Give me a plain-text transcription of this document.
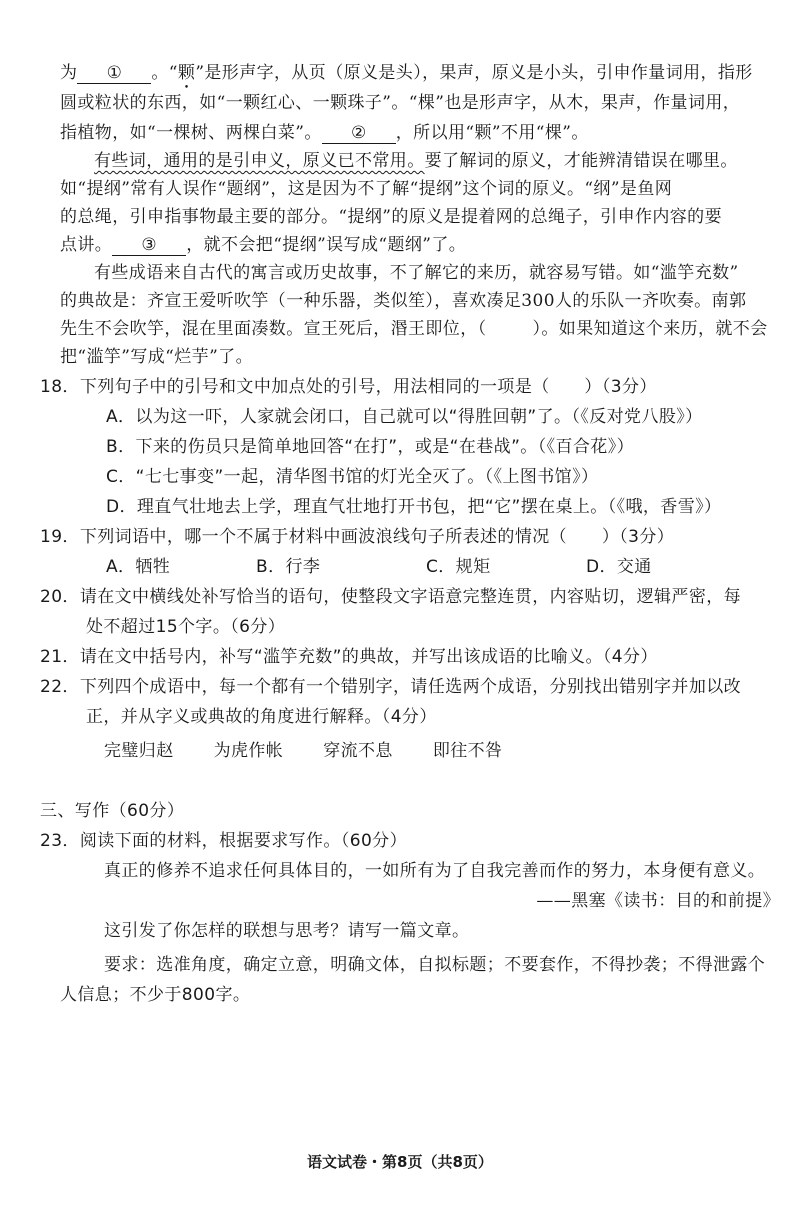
为 ① 。“颗”是形声字，从页（原义是头），果声，原义是小头，引申作量词用，指形
圆或粒状的东西，如“一颗红心、一颗珠子”。“棵”也是形声字，从木，果声，作量词用，
指植物，如“一棵树、两棵白菜”。 ② ，所以用“颗”不用“棵”。
有些词，通用的是引申义，原义已不常用。要了解词的原义，才能辨清错误在哪里。
如“提纲”常有人误作“题纲”，这是因为不了解“提纲”这个词的原义。“纲”是鱼网
的总绳，引申指事物最主要的部分。“提纲”的原义是提着网的总绳子，引申作内容的要
点讲。 ③ ，就不会把“提纲”误写成“题纲”了。
有些成语来自古代的寓言或历史故事，不了解它的来历，就容易写错。如“滥竽充数”
的典故是：齐宣王爱听吹竽（一种乐器，类似笙），喜欢凑足300人的乐队一齐吹奏。南郭
先生不会吹竽，混在里面凑数。宣王死后，湣王即位，（	）。如果知道这个来历，就不会
把“滥竽”写成“烂芋”了。
18．下列句子中的引号和文中加点处的引号，用法相同的一项是（　　）（3分）
A．以为这一吓，人家就会闭口，自己就可以“得胜回朝”了。（《反对党八股》）
B．下来的伤员只是简单地回答“在打”，或是“在巷战”。（《百合花》）
C．“七七事变”一起，清华图书馆的灯光全灭了。（《上图书馆》）
D．理直气壮地去上学，理直气壮地打开书包，把“它”摆在桌上。（《哦，香雪》）
19．下列词语中，哪一个不属于材料中画波浪线句子所表述的情况（　　）（3分）
A．牺牲	B．行李	C．规矩	D．交通
20．请在文中横线处补写恰当的语句，使整段文字语意完整连贯，内容贴切，逻辑严密，每
处不超过15个字。（6分）
21．请在文中括号内，补写“滥竽充数”的典故，并写出该成语的比喻义。（4分）
22．下列四个成语中，每一个都有一个错别字，请任选两个成语，分别找出错别字并加以改
正，并从字义或典故的角度进行解释。（4分）
完璧归赵 为虎作帐 穿流不息 即往不咎
三、写作（60分）
23．阅读下面的材料，根据要求写作。（60分）
真正的修养不追求任何具体目的，一如所有为了自我完善而作的努力，本身便有意义。
——黑塞《读书：目的和前提》
这引发了你怎样的联想与思考？请写一篇文章。
要求：选准角度，确定立意，明确文体，自拟标题；不要套作，不得抄袭；不得泄露个
人信息；不少于800字。
语文试卷・第8页（共8页）
